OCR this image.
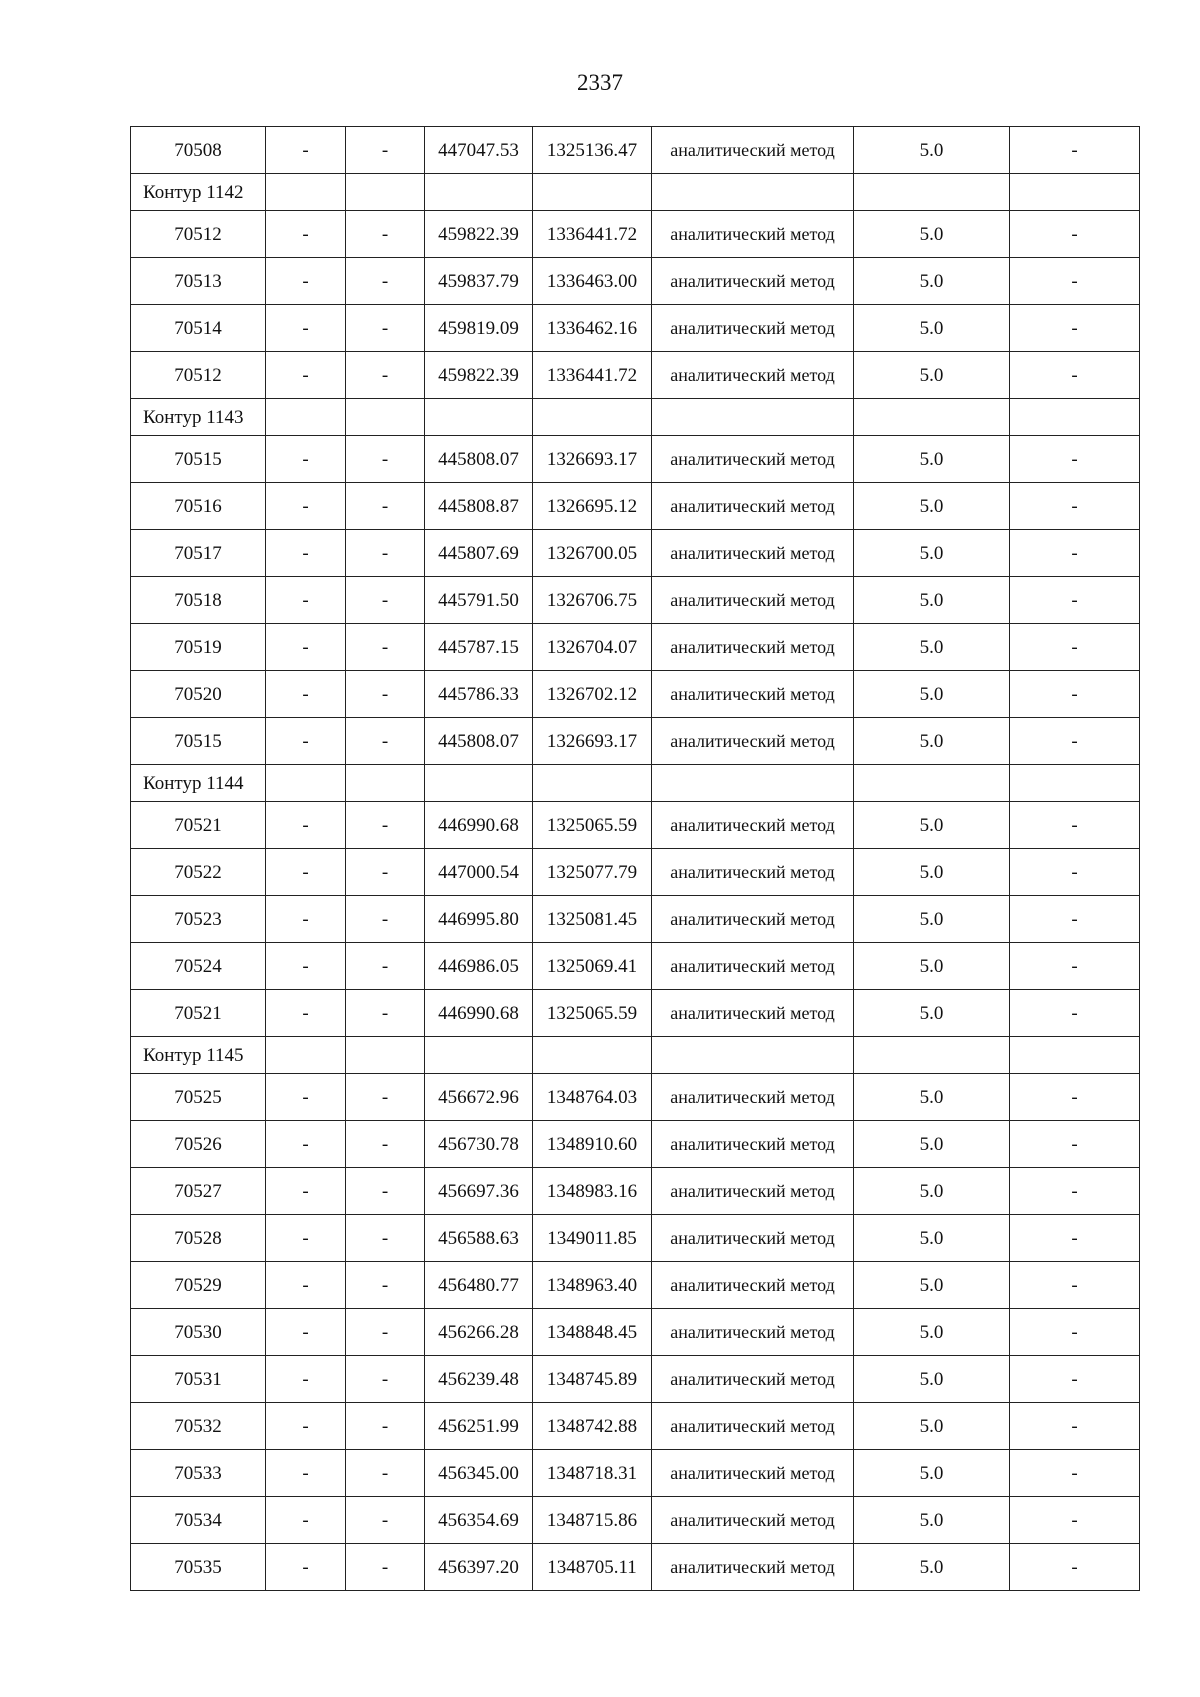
2337
70508	-	-	447047.53	1325136.47	аналитический метод	5.0	-
Контур 1142							
70512	-	-	459822.39	1336441.72	аналитический метод	5.0	-
70513	-	-	459837.79	1336463.00	аналитический метод	5.0	-
70514	-	-	459819.09	1336462.16	аналитический метод	5.0	-
70512	-	-	459822.39	1336441.72	аналитический метод	5.0	-
Контур 1143							
70515	-	-	445808.07	1326693.17	аналитический метод	5.0	-
70516	-	-	445808.87	1326695.12	аналитический метод	5.0	-
70517	-	-	445807.69	1326700.05	аналитический метод	5.0	-
70518	-	-	445791.50	1326706.75	аналитический метод	5.0	-
70519	-	-	445787.15	1326704.07	аналитический метод	5.0	-
70520	-	-	445786.33	1326702.12	аналитический метод	5.0	-
70515	-	-	445808.07	1326693.17	аналитический метод	5.0	-
Контур 1144							
70521	-	-	446990.68	1325065.59	аналитический метод	5.0	-
70522	-	-	447000.54	1325077.79	аналитический метод	5.0	-
70523	-	-	446995.80	1325081.45	аналитический метод	5.0	-
70524	-	-	446986.05	1325069.41	аналитический метод	5.0	-
70521	-	-	446990.68	1325065.59	аналитический метод	5.0	-
Контур 1145							
70525	-	-	456672.96	1348764.03	аналитический метод	5.0	-
70526	-	-	456730.78	1348910.60	аналитический метод	5.0	-
70527	-	-	456697.36	1348983.16	аналитический метод	5.0	-
70528	-	-	456588.63	1349011.85	аналитический метод	5.0	-
70529	-	-	456480.77	1348963.40	аналитический метод	5.0	-
70530	-	-	456266.28	1348848.45	аналитический метод	5.0	-
70531	-	-	456239.48	1348745.89	аналитический метод	5.0	-
70532	-	-	456251.99	1348742.88	аналитический метод	5.0	-
70533	-	-	456345.00	1348718.31	аналитический метод	5.0	-
70534	-	-	456354.69	1348715.86	аналитический метод	5.0	-
70535	-	-	456397.20	1348705.11	аналитический метод	5.0	-
